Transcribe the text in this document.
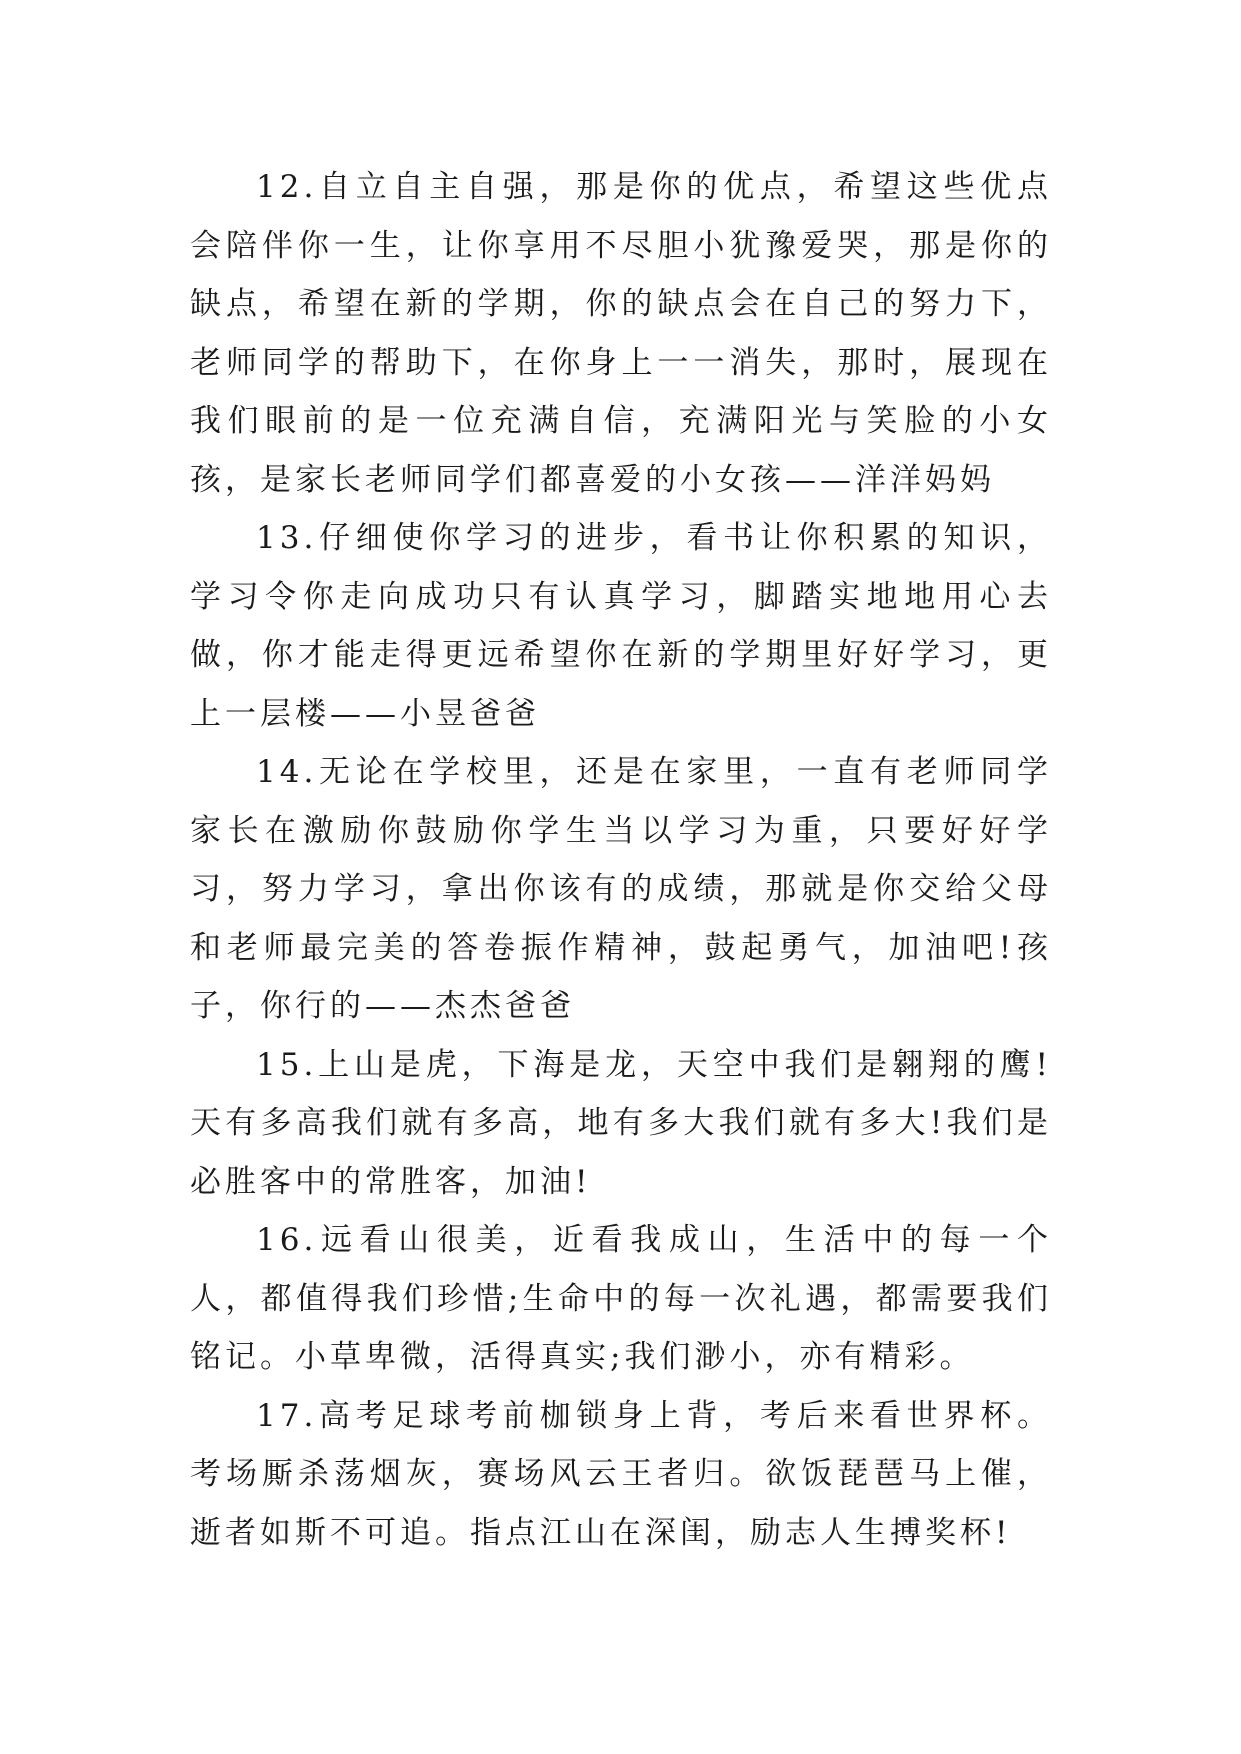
12.自立自主自强，那是你的优点，希望这些优点会陪伴你一生，让你享用不尽胆小犹豫爱哭，那是你的缺点，希望在新的学期，你的缺点会在自己的努力下，老师同学的帮助下，在你身上一一消失，那时，展现在我们眼前的是一位充满自信，充满阳光与笑脸的小女孩，是家长老师同学们都喜爱的小女孩——洋洋妈妈

13.仔细使你学习的进步，看书让你积累的知识，学习令你走向成功只有认真学习，脚踏实地地用心去做，你才能走得更远希望你在新的学期里好好学习，更上一层楼——小昱爸爸

14.无论在学校里，还是在家里，一直有老师同学家长在激励你鼓励你学生当以学习为重，只要好好学习，努力学习，拿出你该有的成绩，那就是你交给父母和老师最完美的答卷振作精神，鼓起勇气，加油吧!孩子，你行的——杰杰爸爸

15.上山是虎，下海是龙，天空中我们是翱翔的鹰!天有多高我们就有多高，地有多大我们就有多大!我们是必胜客中的常胜客，加油!

16.远看山很美，近看我成山，生活中的每一个人，都值得我们珍惜;生命中的每一次礼遇，都需要我们铭记。小草卑微，活得真实;我们渺小，亦有精彩。

17.高考足球考前枷锁身上背，考后来看世界杯。考场厮杀荡烟灰，赛场风云王者归。欲饭琵琶马上催，逝者如斯不可追。指点江山在深闺，励志人生搏奖杯!
